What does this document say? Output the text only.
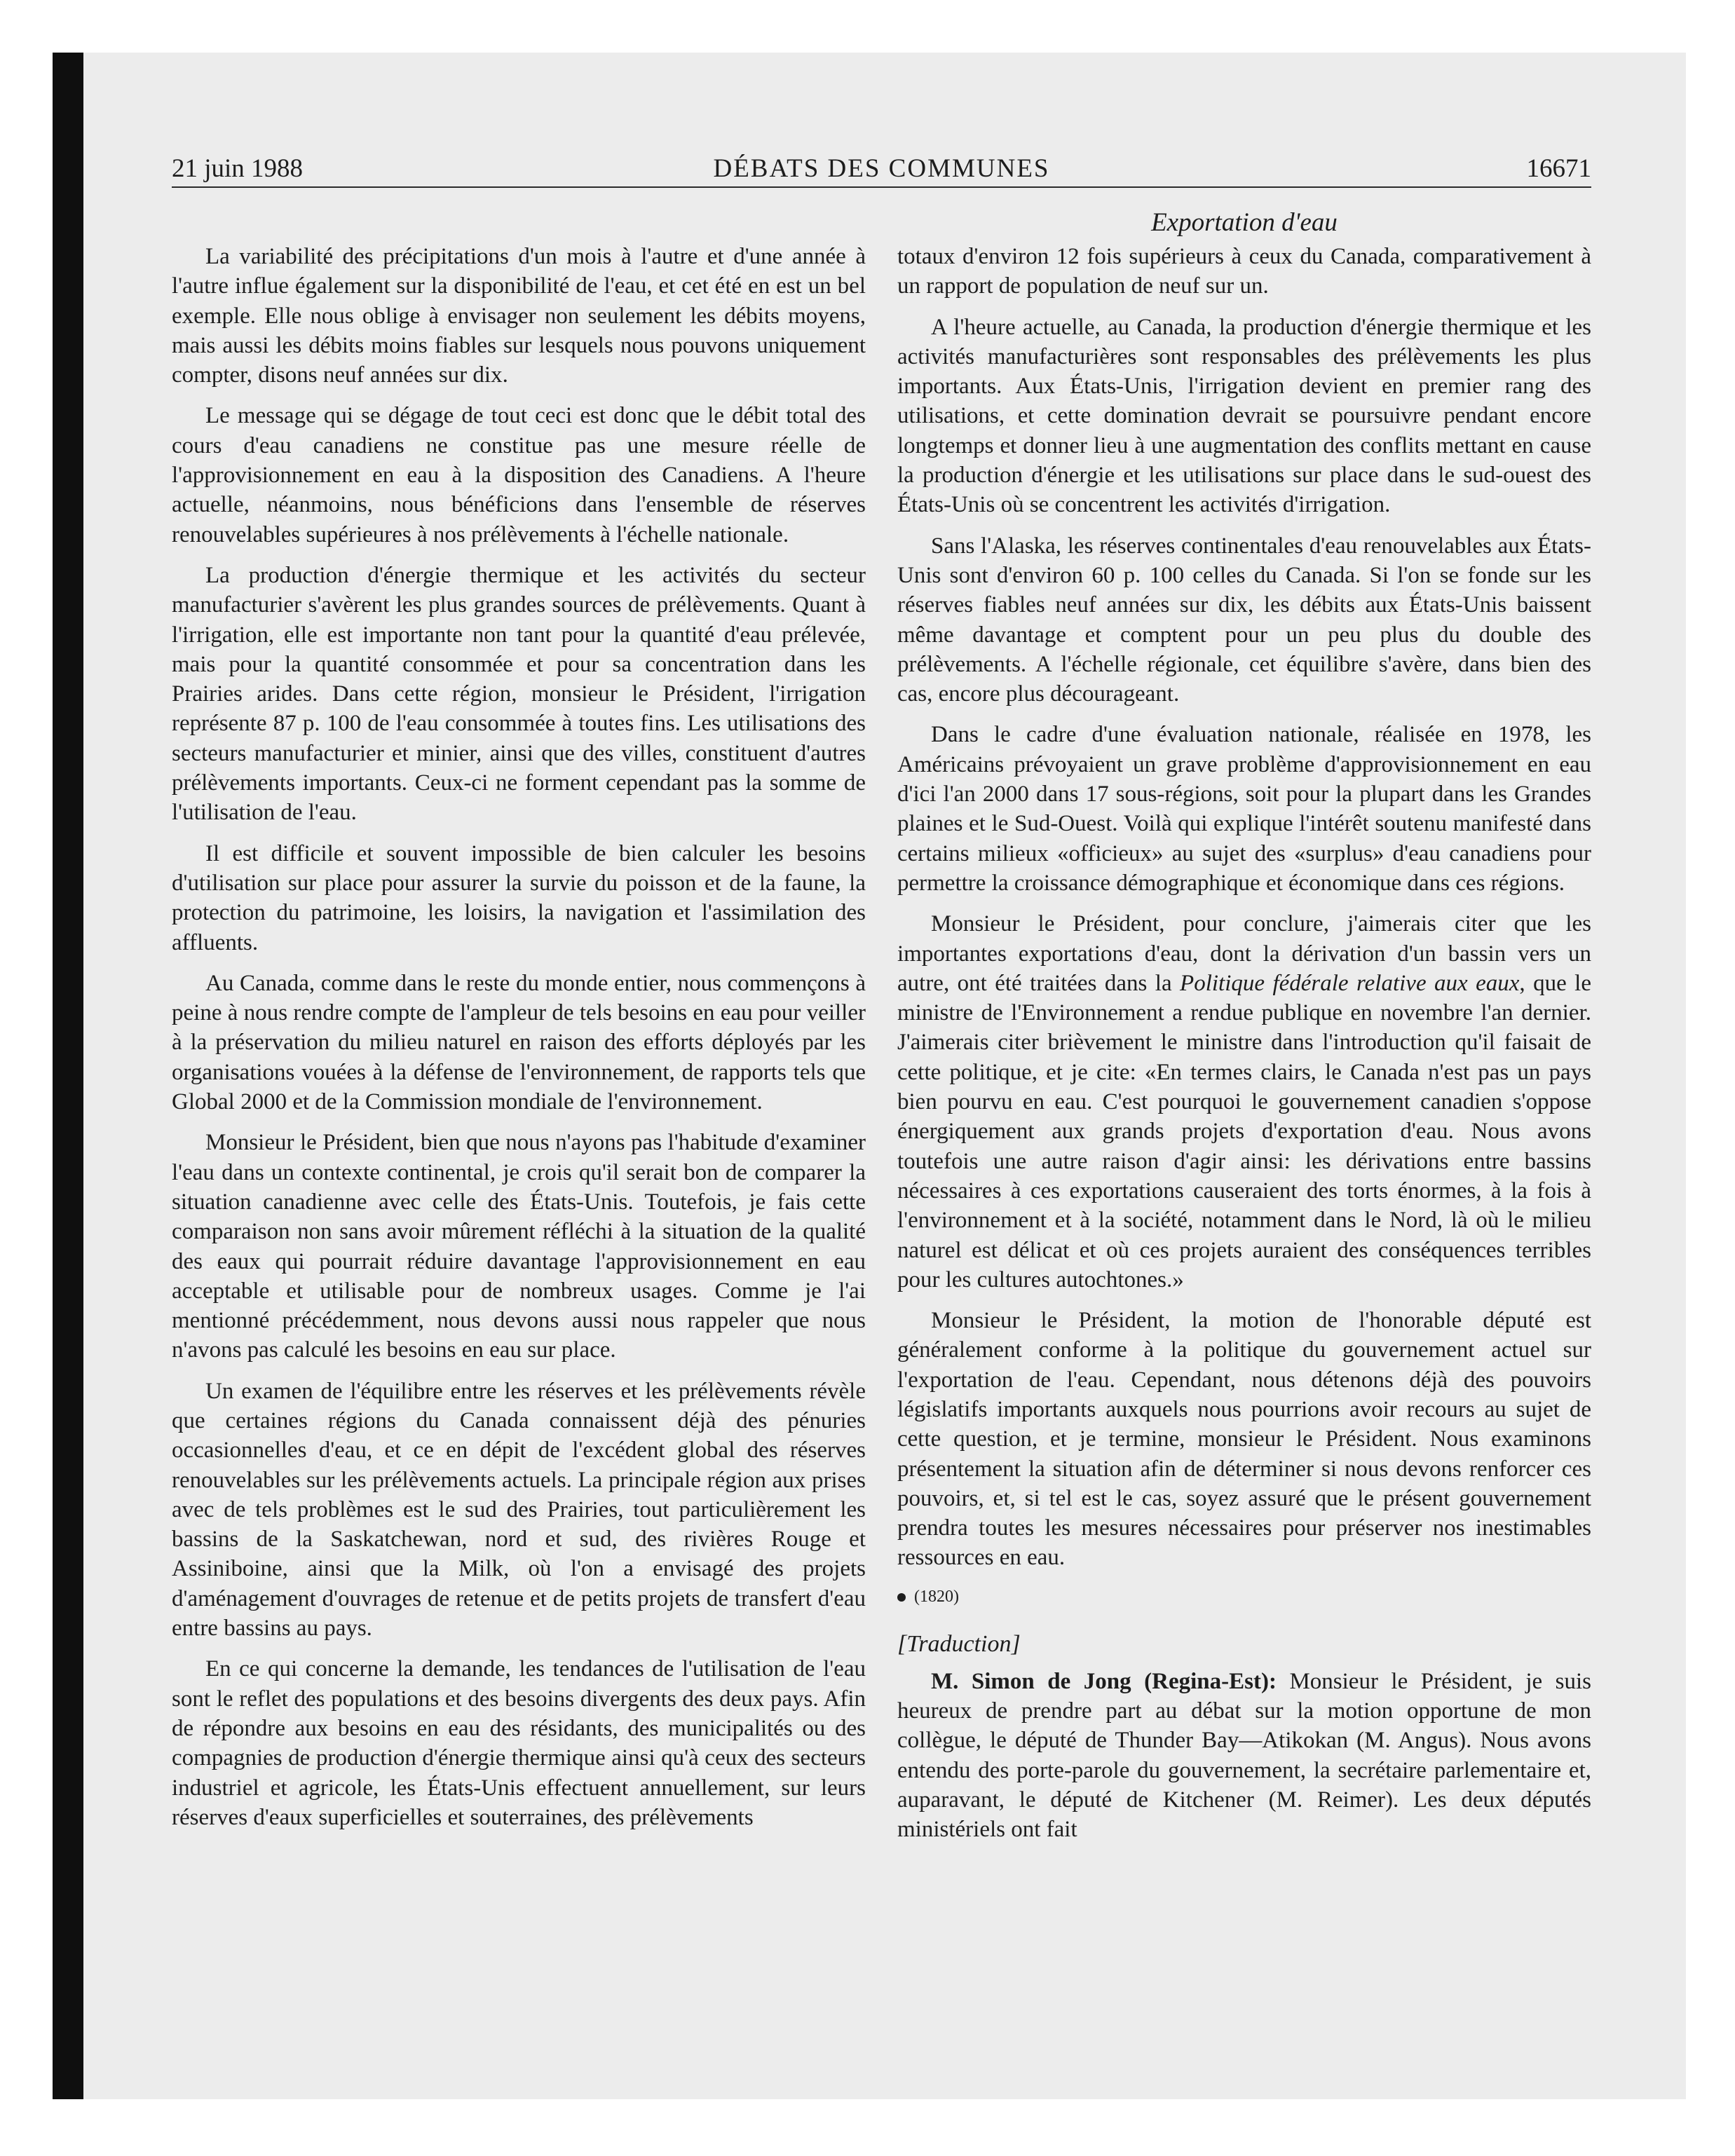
21 juin 1988	DÉBATS DES COMMUNES	16671
Exportation d'eau

La variabilité des précipitations d'un mois à l'autre et d'une année à l'autre influe également sur la disponibilité de l'eau, et cet été en est un bel exemple. Elle nous oblige à envisager non seulement les débits moyens, mais aussi les débits moins fiables sur lesquels nous pouvons uniquement compter, disons neuf années sur dix.

Le message qui se dégage de tout ceci est donc que le débit total des cours d'eau canadiens ne constitue pas une mesure réelle de l'approvisionnement en eau à la disposition des Canadiens. A l'heure actuelle, néanmoins, nous bénéficions dans l'ensemble de réserves renouvelables supérieures à nos prélèvements à l'échelle nationale.

La production d'énergie thermique et les activités du secteur manufacturier s'avèrent les plus grandes sources de prélèvements. Quant à l'irrigation, elle est importante non tant pour la quantité d'eau prélevée, mais pour la quantité consommée et pour sa concentration dans les Prairies arides. Dans cette région, monsieur le Président, l'irrigation représente 87 p. 100 de l'eau consommée à toutes fins. Les utilisations des secteurs manufacturier et minier, ainsi que des villes, constituent d'autres prélèvements importants. Ceux-ci ne forment cependant pas la somme de l'utilisation de l'eau.

Il est difficile et souvent impossible de bien calculer les besoins d'utilisation sur place pour assurer la survie du poisson et de la faune, la protection du patrimoine, les loisirs, la navigation et l'assimilation des affluents.

Au Canada, comme dans le reste du monde entier, nous commençons à peine à nous rendre compte de l'ampleur de tels besoins en eau pour veiller à la préservation du milieu naturel en raison des efforts déployés par les organisations vouées à la défense de l'environnement, de rapports tels que Global 2000 et de la Commission mondiale de l'environnement.

Monsieur le Président, bien que nous n'ayons pas l'habitude d'examiner l'eau dans un contexte continental, je crois qu'il serait bon de comparer la situation canadienne avec celle des États-Unis. Toutefois, je fais cette comparaison non sans avoir mûrement réfléchi à la situation de la qualité des eaux qui pourrait réduire davantage l'approvisionnement en eau acceptable et utilisable pour de nombreux usages. Comme je l'ai mentionné précédemment, nous devons aussi nous rappeler que nous n'avons pas calculé les besoins en eau sur place.

Un examen de l'équilibre entre les réserves et les prélèvements révèle que certaines régions du Canada connaissent déjà des pénuries occasionnelles d'eau, et ce en dépit de l'excédent global des réserves renouvelables sur les prélèvements actuels. La principale région aux prises avec de tels problèmes est le sud des Prairies, tout particulièrement les bassins de la Saskatchewan, nord et sud, des rivières Rouge et Assiniboine, ainsi que la Milk, où l'on a envisagé des projets d'aménagement d'ouvrages de retenue et de petits projets de transfert d'eau entre bassins au pays.

En ce qui concerne la demande, les tendances de l'utilisation de l'eau sont le reflet des populations et des besoins divergents des deux pays. Afin de répondre aux besoins en eau des résidants, des municipalités ou des compagnies de production d'énergie thermique ainsi qu'à ceux des secteurs industriel et agricole, les États-Unis effectuent annuellement, sur leurs réserves d'eaux superficielles et souterraines, des prélèvements

totaux d'environ 12 fois supérieurs à ceux du Canada, comparativement à un rapport de population de neuf sur un.

A l'heure actuelle, au Canada, la production d'énergie thermique et les activités manufacturières sont responsables des prélèvements les plus importants. Aux États-Unis, l'irrigation devient en premier rang des utilisations, et cette domination devrait se poursuivre pendant encore longtemps et donner lieu à une augmentation des conflits mettant en cause la production d'énergie et les utilisations sur place dans le sud-ouest des États-Unis où se concentrent les activités d'irrigation.

Sans l'Alaska, les réserves continentales d'eau renouvelables aux États-Unis sont d'environ 60 p. 100 celles du Canada. Si l'on se fonde sur les réserves fiables neuf années sur dix, les débits aux États-Unis baissent même davantage et comptent pour un peu plus du double des prélèvements. A l'échelle régionale, cet équilibre s'avère, dans bien des cas, encore plus décourageant.

Dans le cadre d'une évaluation nationale, réalisée en 1978, les Américains prévoyaient un grave problème d'approvisionnement en eau d'ici l'an 2000 dans 17 sous-régions, soit pour la plupart dans les Grandes plaines et le Sud-Ouest. Voilà qui explique l'intérêt soutenu manifesté dans certains milieux «officieux» au sujet des «surplus» d'eau canadiens pour permettre la croissance démographique et économique dans ces régions.

Monsieur le Président, pour conclure, j'aimerais citer que les importantes exportations d'eau, dont la dérivation d'un bassin vers un autre, ont été traitées dans la Politique fédérale relative aux eaux, que le ministre de l'Environnement a rendue publique en novembre l'an dernier. J'aimerais citer brièvement le ministre dans l'introduction qu'il faisait de cette politique, et je cite: «En termes clairs, le Canada n'est pas un pays bien pourvu en eau. C'est pourquoi le gouvernement canadien s'oppose énergiquement aux grands projets d'exportation d'eau. Nous avons toutefois une autre raison d'agir ainsi: les dérivations entre bassins nécessaires à ces exportations causeraient des torts énormes, à la fois à l'environnement et à la société, notamment dans le Nord, là où le milieu naturel est délicat et où ces projets auraient des conséquences terribles pour les cultures autochtones.»

Monsieur le Président, la motion de l'honorable député est généralement conforme à la politique du gouvernement actuel sur l'exportation de l'eau. Cependant, nous détenons déjà des pouvoirs législatifs importants auxquels nous pourrions avoir recours au sujet de cette question, et je termine, monsieur le Président. Nous examinons présentement la situation afin de déterminer si nous devons renforcer ces pouvoirs, et, si tel est le cas, soyez assuré que le présent gouvernement prendra toutes les mesures nécessaires pour préserver nos inestimables ressources en eau.

(1820)
[Traduction]

M. Simon de Jong (Regina-Est): Monsieur le Président, je suis heureux de prendre part au débat sur la motion opportune de mon collègue, le député de Thunder Bay—Atikokan (M. Angus). Nous avons entendu des porte-parole du gouvernement, la secrétaire parlementaire et, auparavant, le député de Kitchener (M. Reimer). Les deux députés ministériels ont fait
